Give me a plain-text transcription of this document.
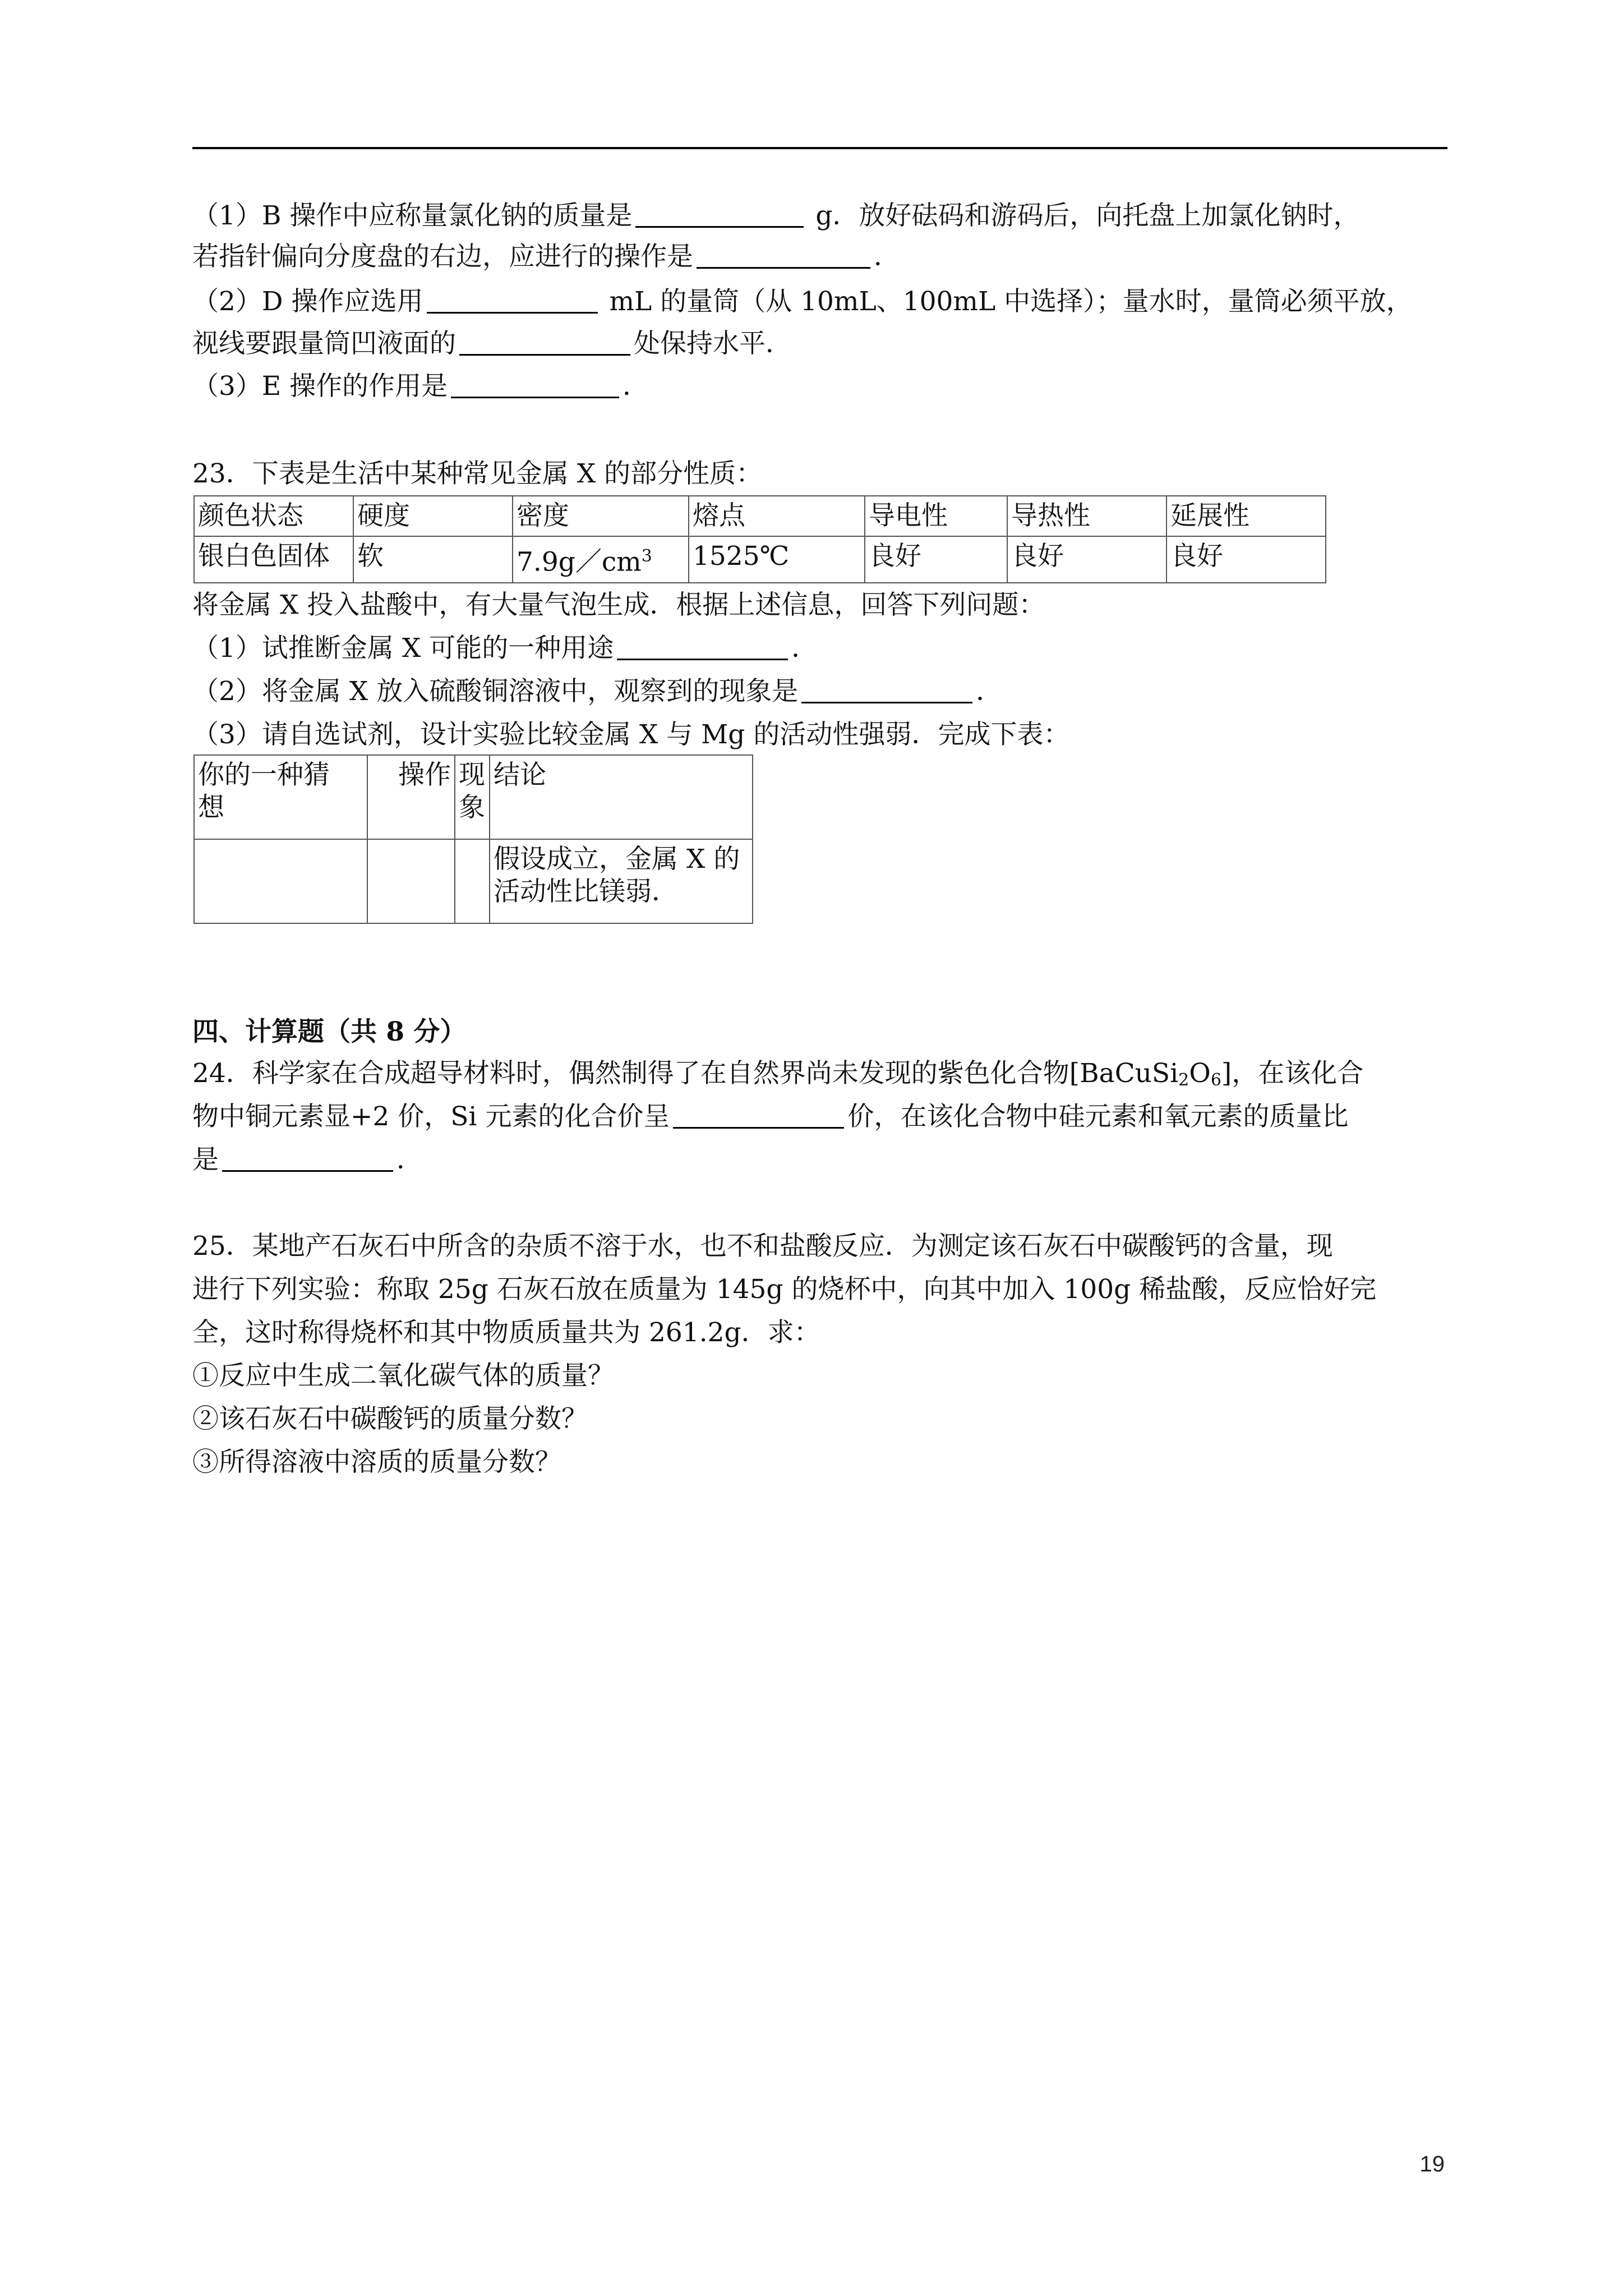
（1）B 操作中应称量氯化钠的质量是	g．放好砝码和游码后，向托盘上加氯化钠时，
若指针偏向分度盘的右边，应进行的操作是	．
（2）D 操作应选用	mL 的量筒（从 10mL、100mL 中选择）；量水时，量筒必须平放，
视线要跟量筒凹液面的	处保持水平．
（3）E 操作的作用是	．
23．下表是生活中某种常见金属 X 的部分性质：
颜色状态	硬度	密度	熔点	导电性	导热性	延展性
银白色固体	软	$7.9g/cm^3$	1525℃	良好	良好	良好
将金属 X 投入盐酸中，有大量气泡生成．根据上述信息，回答下列问题：
（1）试推断金属 X 可能的一种用途	．
（2）将金属 X 放入硫酸铜溶液中，观察到的现象是	．
（3）请自选试剂，设计实验比较金属 X 与 Mg 的活动性强弱．完成下表：
你的一种猜
想	操作	现
象	结论
			假设成立，金属 X 的
活动性比镁弱．
四、计算题（共 8 分）
24．科学家在合成超导材料时，偶然制得了在自然界尚未发现的紫色化合物$[BaCuSi_2O_6]$，在该化合
物中铜元素显+2 价，Si 元素的化合价呈	价，在该化合物中硅元素和氧元素的质量比
是	．
25．某地产石灰石中所含的杂质不溶于水，也不和盐酸反应．为测定该石灰石中碳酸钙的含量，现
进行下列实验：称取 25g 石灰石放在质量为 145g 的烧杯中，向其中加入 100g 稀盐酸，反应恰好完
全，这时称得烧杯和其中物质质量共为 261.2g．求：
①反应中生成二氧化碳气体的质量？
②该石灰石中碳酸钙的质量分数？
③所得溶液中溶质的质量分数？
19
